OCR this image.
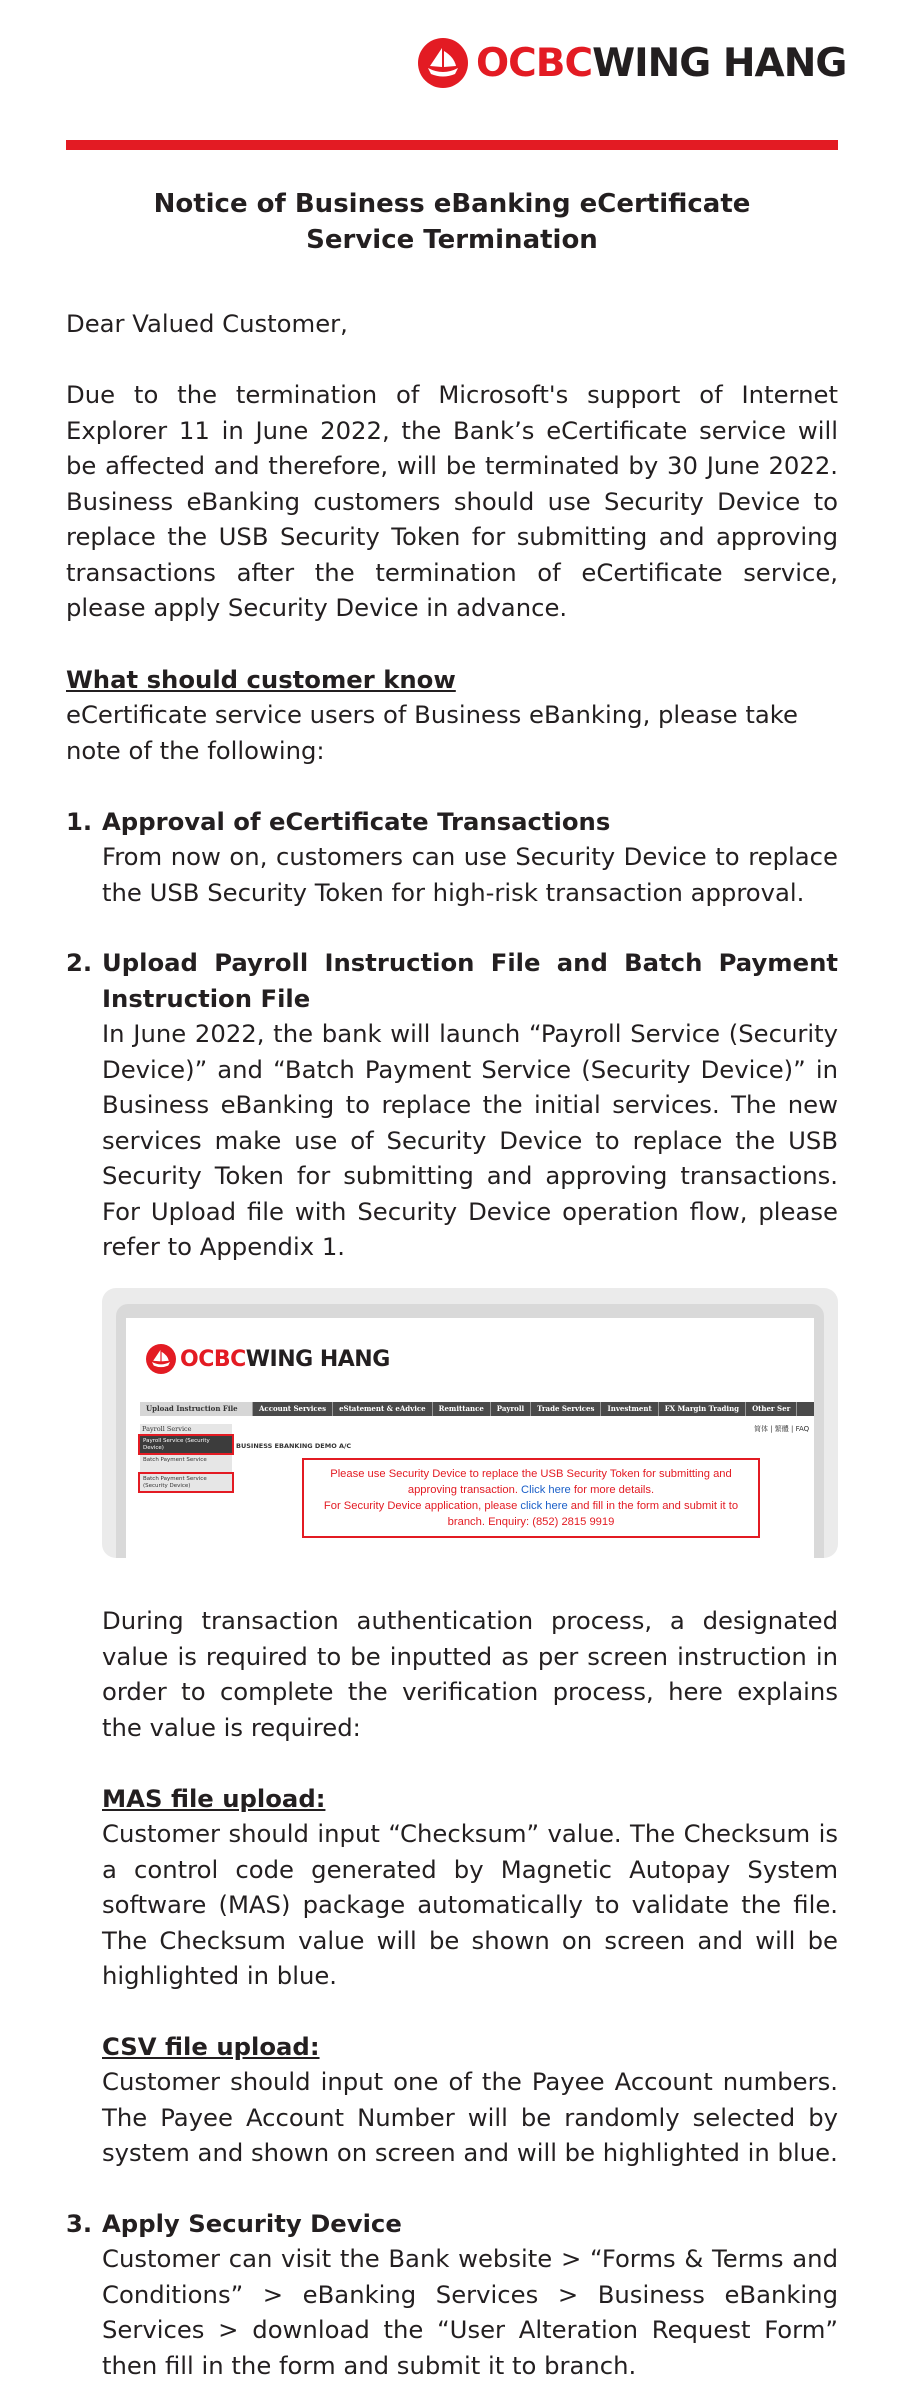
OCBCWING HANG
Notice of Business eBanking eCertificate
Service Termination

Dear Valued Customer,

Due to the termination of Microsoft's support of Internet Explorer 11 in June 2022, the Bank’s eCertificate service will be affected and therefore, will be terminated by 30 June 2022. Business eBanking customers should use Security Device to replace the USB Security Token for submitting and approving transactions after the termination of eCertificate service, please apply Security Device in advance.

What should customer know

eCertificate service users of Business eBanking, please take note of the following:

1. Approval of eCertificate Transactions

From now on, customers can use Security Device to replace the USB Security Token for high-risk transaction approval.

2. Upload Payroll Instruction File and Batch Payment Instruction File

In June 2022, the bank will launch “Payroll Service (Security Device)” and “Batch Payment Service (Security Device)” in Business eBanking to replace the initial services. The new services make use of Security Device to replace the USB Security Token for submitting and approving transactions. For Upload file with Security Device operation flow, please refer to Appendix 1.

OCBCWING HANG
Upload Instruction File	Account Services	eStatement & eAdvice	Remittance	Payroll	Trade Services	Investment	FX Margin Trading	Other Ser
简体 | 繁體 | FAQ
Payroll Service
Payroll Service (Security Device)
Batch Payment Service
Batch Payment Service (Security Device)
BUSINESS EBANKING DEMO A/C
Please use Security Device to replace the USB Security Token for submitting and approving transaction. Click here for more details.
For Security Device application, please click here and fill in the form and submit it to branch. Enquiry: (852) 2815 9919

During transaction authentication process, a designated value is required to be inputted as per screen instruction in order to complete the verification process, here explains the value is required:

MAS file upload:

Customer should input “Checksum” value. The Checksum is a control code generated by Magnetic Autopay System software (MAS) package automatically to validate the file. The Checksum value will be shown on screen and will be highlighted in blue.

CSV file upload:

Customer should input one of the Payee Account numbers. The Payee Account Number will be randomly selected by system and shown on screen and will be highlighted in blue.

3. Apply Security Device

Customer can visit the Bank website > “Forms & Terms and Conditions” > eBanking Services > Business eBanking Services > download the “User Alteration Request Form” then fill in the form and submit it to branch.
